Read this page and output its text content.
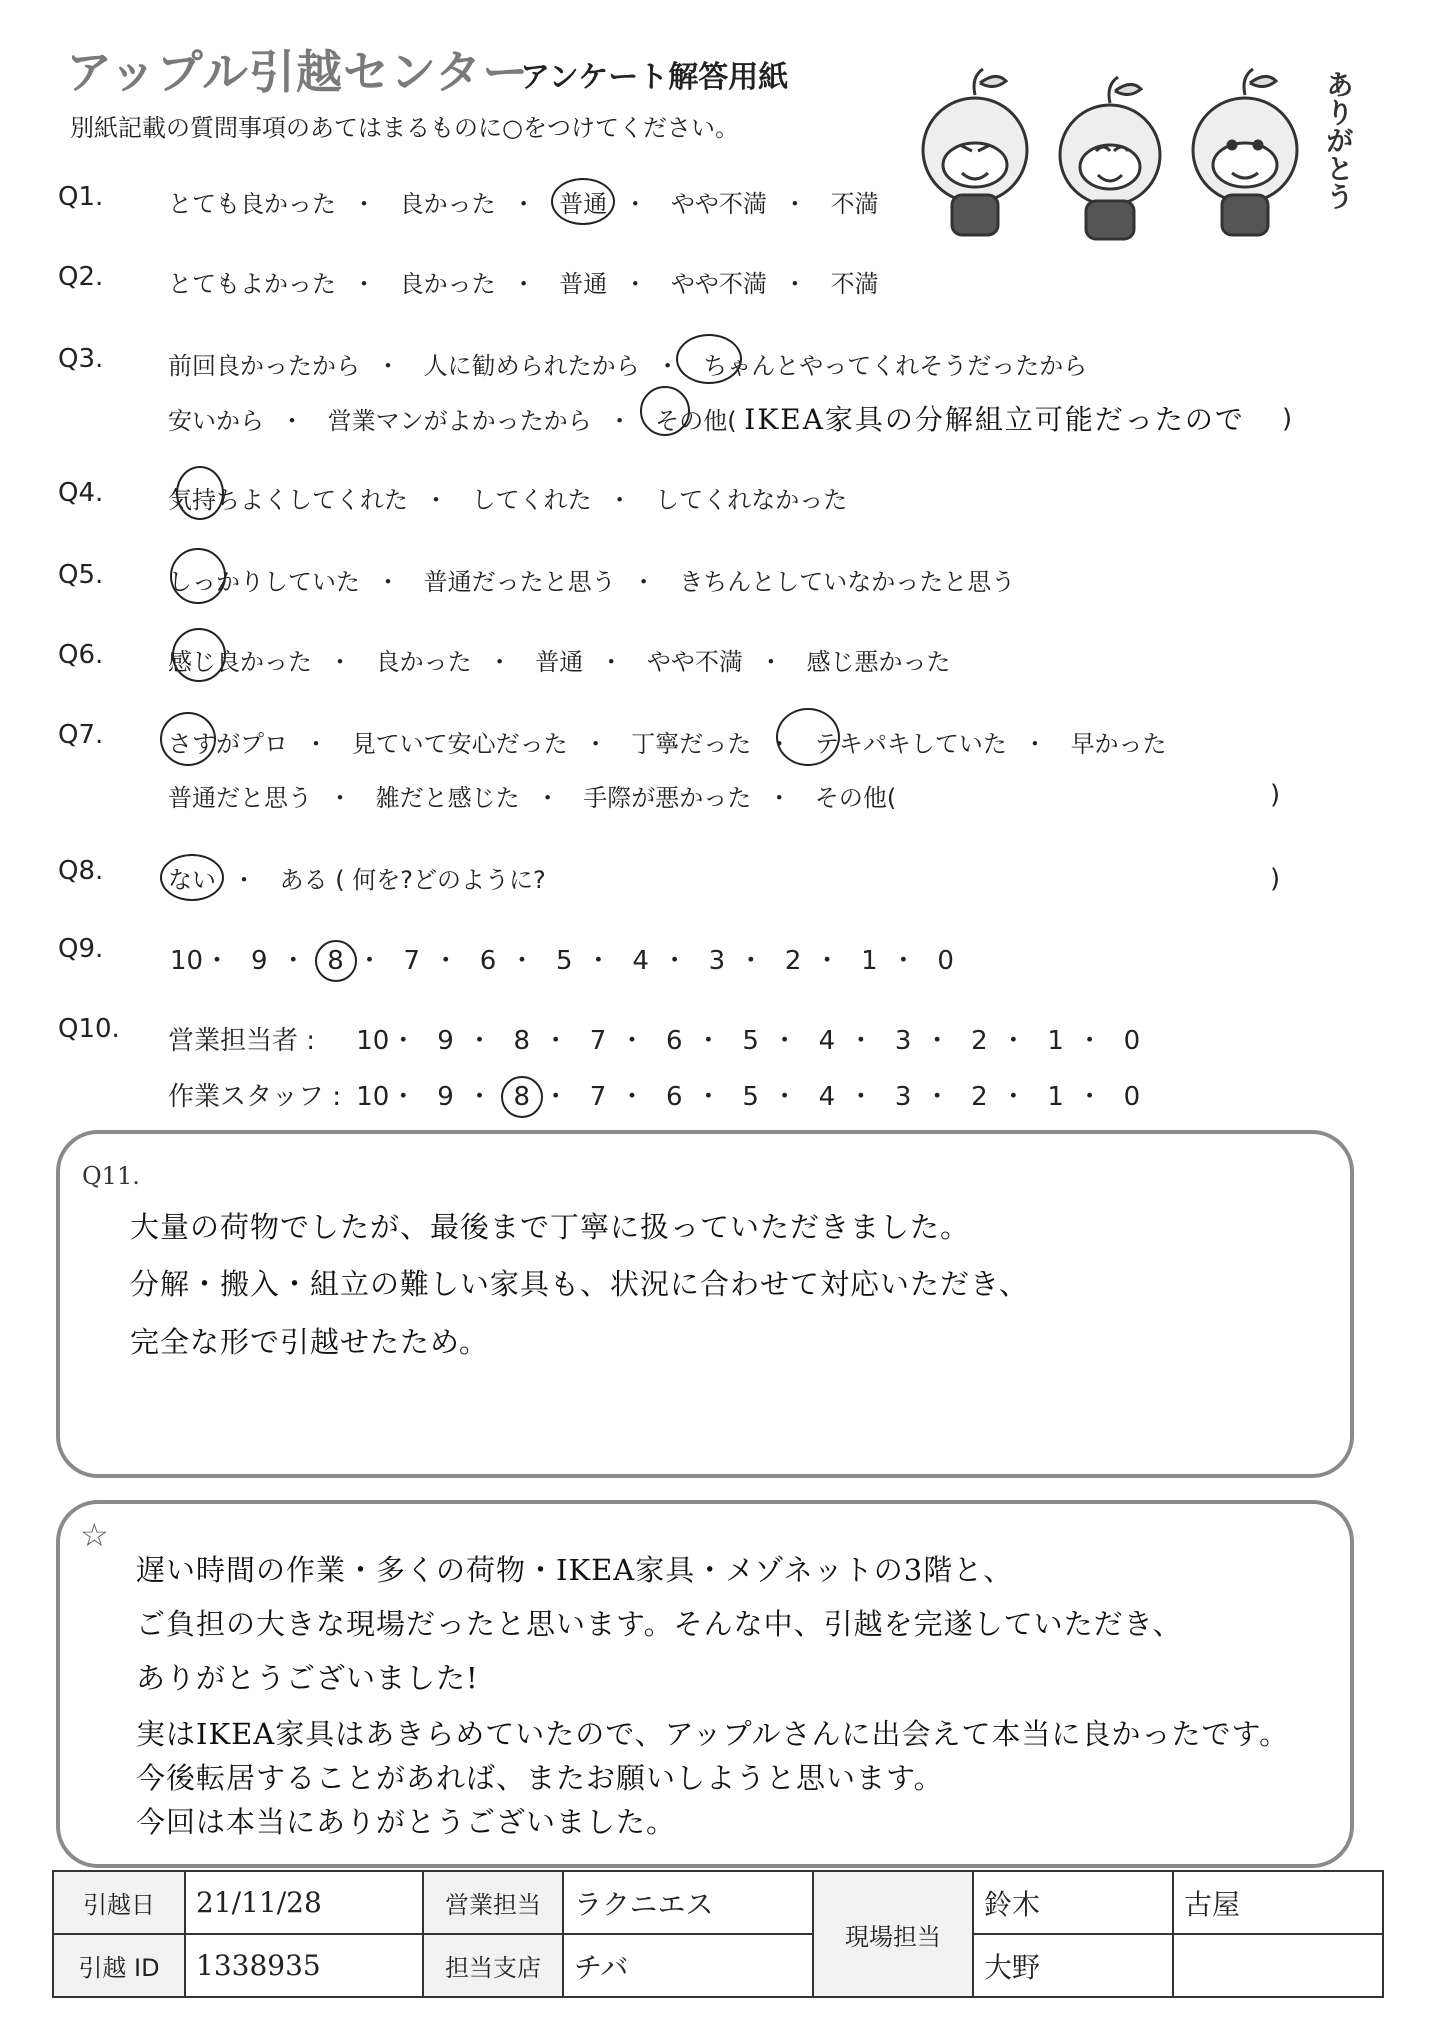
アップル引越センター
アンケート解答用紙
別紙記載の質問事項のあてはまるものに○をつけてください。	ありがとう
Q1.	とても良かった ・ 良かった ・ 普通 ・ やや不満 ・ 不満
Q2.	とてもよかった ・ 良かった ・ 普通 ・ やや不満 ・ 不満
Q3.	前回良かったから ・ 人に勧められたから ・ ちゃんとやってくれそうだったから
安いから ・ 営業マンがよかったから ・ その他( IKEA家具の分解組立可能だったので )
Q4.	気持ちよくしてくれた ・ してくれた ・ してくれなかった
Q5.	しっかりしていた ・ 普通だったと思う ・ きちんとしていなかったと思う
Q6.	感じ良かった ・ 良かった ・ 普通 ・ やや不満 ・ 感じ悪かった
Q7.	さすがプロ ・ 見ていて安心だった ・ 丁寧だった ・ テキパキしていた ・ 早かった
普通だと思う ・ 雑だと感じた ・ 手際が悪かった ・ その他(	)
Q8.	ない ・ ある ( 何を?どのように?	)
Q9.	10・ 9 ・ 8 ・ 7 ・ 6 ・ 5 ・ 4 ・ 3 ・ 2 ・ 1 ・ 0
Q10. 営業担当者 : 10・ 9 ・ 8 ・ 7 ・ 6 ・ 5 ・ 4 ・ 3 ・ 2 ・ 1 ・ 0
作業スタッフ : 10・ 9 ・ 8 ・ 7 ・ 6 ・ 5 ・ 4 ・ 3 ・ 2 ・ 1 ・ 0
Q11.
大量の荷物でしたが、最後まで丁寧に扱っていただきました。
分解・搬入・組立の難しい家具も、状況に合わせて対応いただき、
完全な形で引越せたため。
☆
遅い時間の作業・多くの荷物・IKEA家具・メゾネットの3階と、
ご負担の大きな現場だったと思います。そんな中、引越を完遂していただき、
ありがとうございました!
実はIKEA家具はあきらめていたので、アップルさんに出会えて本当に良かったです。
今後転居することがあれば、またお願いしようと思います。
今回は本当にありがとうございました。
引越日	21/11/28	営業担当	ラクニエス	現場担当	鈴木	古屋
引越 ID	1338935	担当支店	チバ		大野	
